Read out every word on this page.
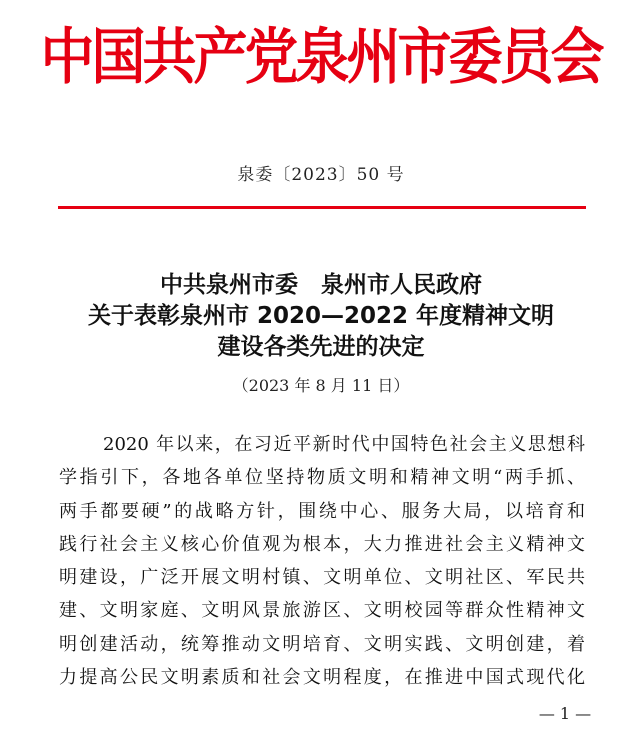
中国共产党泉州市委员会
泉委〔2023〕50 号
中共泉州市委　泉州市人民政府
关于表彰泉州市 2020—2022 年度精神文明
建设各类先进的决定
（2023 年 8 月 11 日）
2020 年以来，在习近平新时代中国特色社会主义思想科
学指引下，各地各单位坚持物质文明和精神文明“两手抓、
两手都要硬”的战略方针，围绕中心、服务大局，以培育和
践行社会主义核心价值观为根本，大力推进社会主义精神文
明建设，广泛开展文明村镇、文明单位、文明社区、军民共
建、文明家庭、文明风景旅游区、文明校园等群众性精神文
明创建活动，统筹推动文明培育、文明实践、文明创建，着
力提高公民文明素质和社会文明程度，在推进中国式现代化
— 1 —
